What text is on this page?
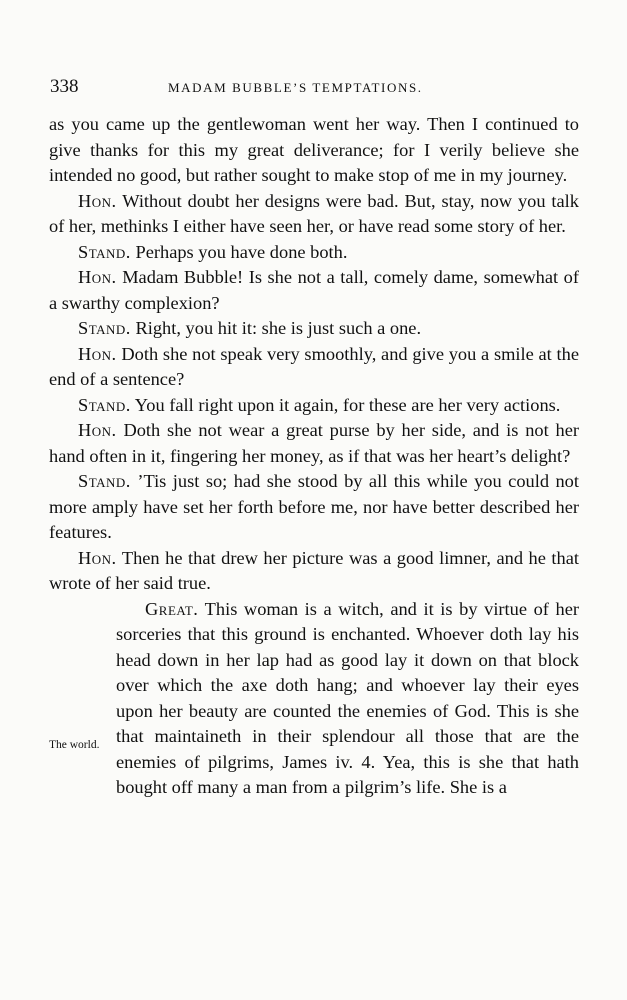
338	MADAM BUBBLE’S TEMPTATIONS.

as you came up the gentlewoman went her way. Then I continued to give thanks for this my great deliverance; for I verily believe she intended no good, but rather sought to make stop of me in my journey.

Hon. Without doubt her designs were bad. But, stay, now you talk of her, methinks I either have seen her, or have read some story of her.

Stand. Perhaps you have done both.

Hon. Madam Bubble! Is she not a tall, comely dame, somewhat of a swarthy complexion?

Stand. Right, you hit it: she is just such a one.

Hon. Doth she not speak very smoothly, and give you a smile at the end of a sentence?

Stand. You fall right upon it again, for these are her very actions.

Hon. Doth she not wear a great purse by her side, and is not her hand often in it, fingering her money, as if that was her heart’s delight?

Stand. ’Tis just so; had she stood by all this while you could not more amply have set her forth before me, nor have better described her features.

Hon. Then he that drew her picture was a good limner, and he that wrote of her said true.

Great. This woman is a witch, and it is by virtue of her sorceries that this ground is enchanted. Whoever doth lay his head down in her lap had as good lay it down on that block over which the axe doth hang; and whoever lay their eyes upon her beauty are counted the enemies of God. This is she that maintaineth in their splendour all those that are the enemies of pilgrims, James iv. 4. Yea, this is she that hath bought off many a man from a pilgrim’s life. She is a

The world.
